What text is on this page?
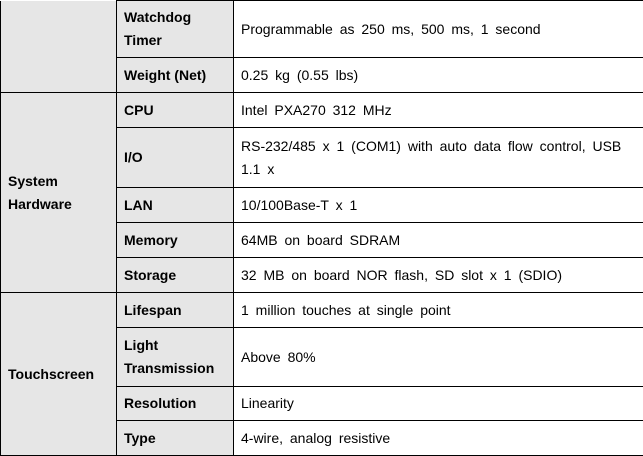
	Watchdog Timer	Programmable as 250 ms, 500 ms, 1 second
	Weight (Net)	0.25 kg (0.55 lbs)
System Hardware	CPU	Intel PXA270 312 MHz
	I/O	RS-232/485 x 1 (COM1) with auto data flow control, USB 1.1 x
	LAN	10/100Base-T x 1
	Memory	64MB on board SDRAM
	Storage	32 MB on board NOR flash, SD slot x 1 (SDIO)
Touchscreen	Lifespan	1 million touches at single point
	Light Transmission	Above 80%
	Resolution	Linearity
	Type	4-wire, analog resistive
